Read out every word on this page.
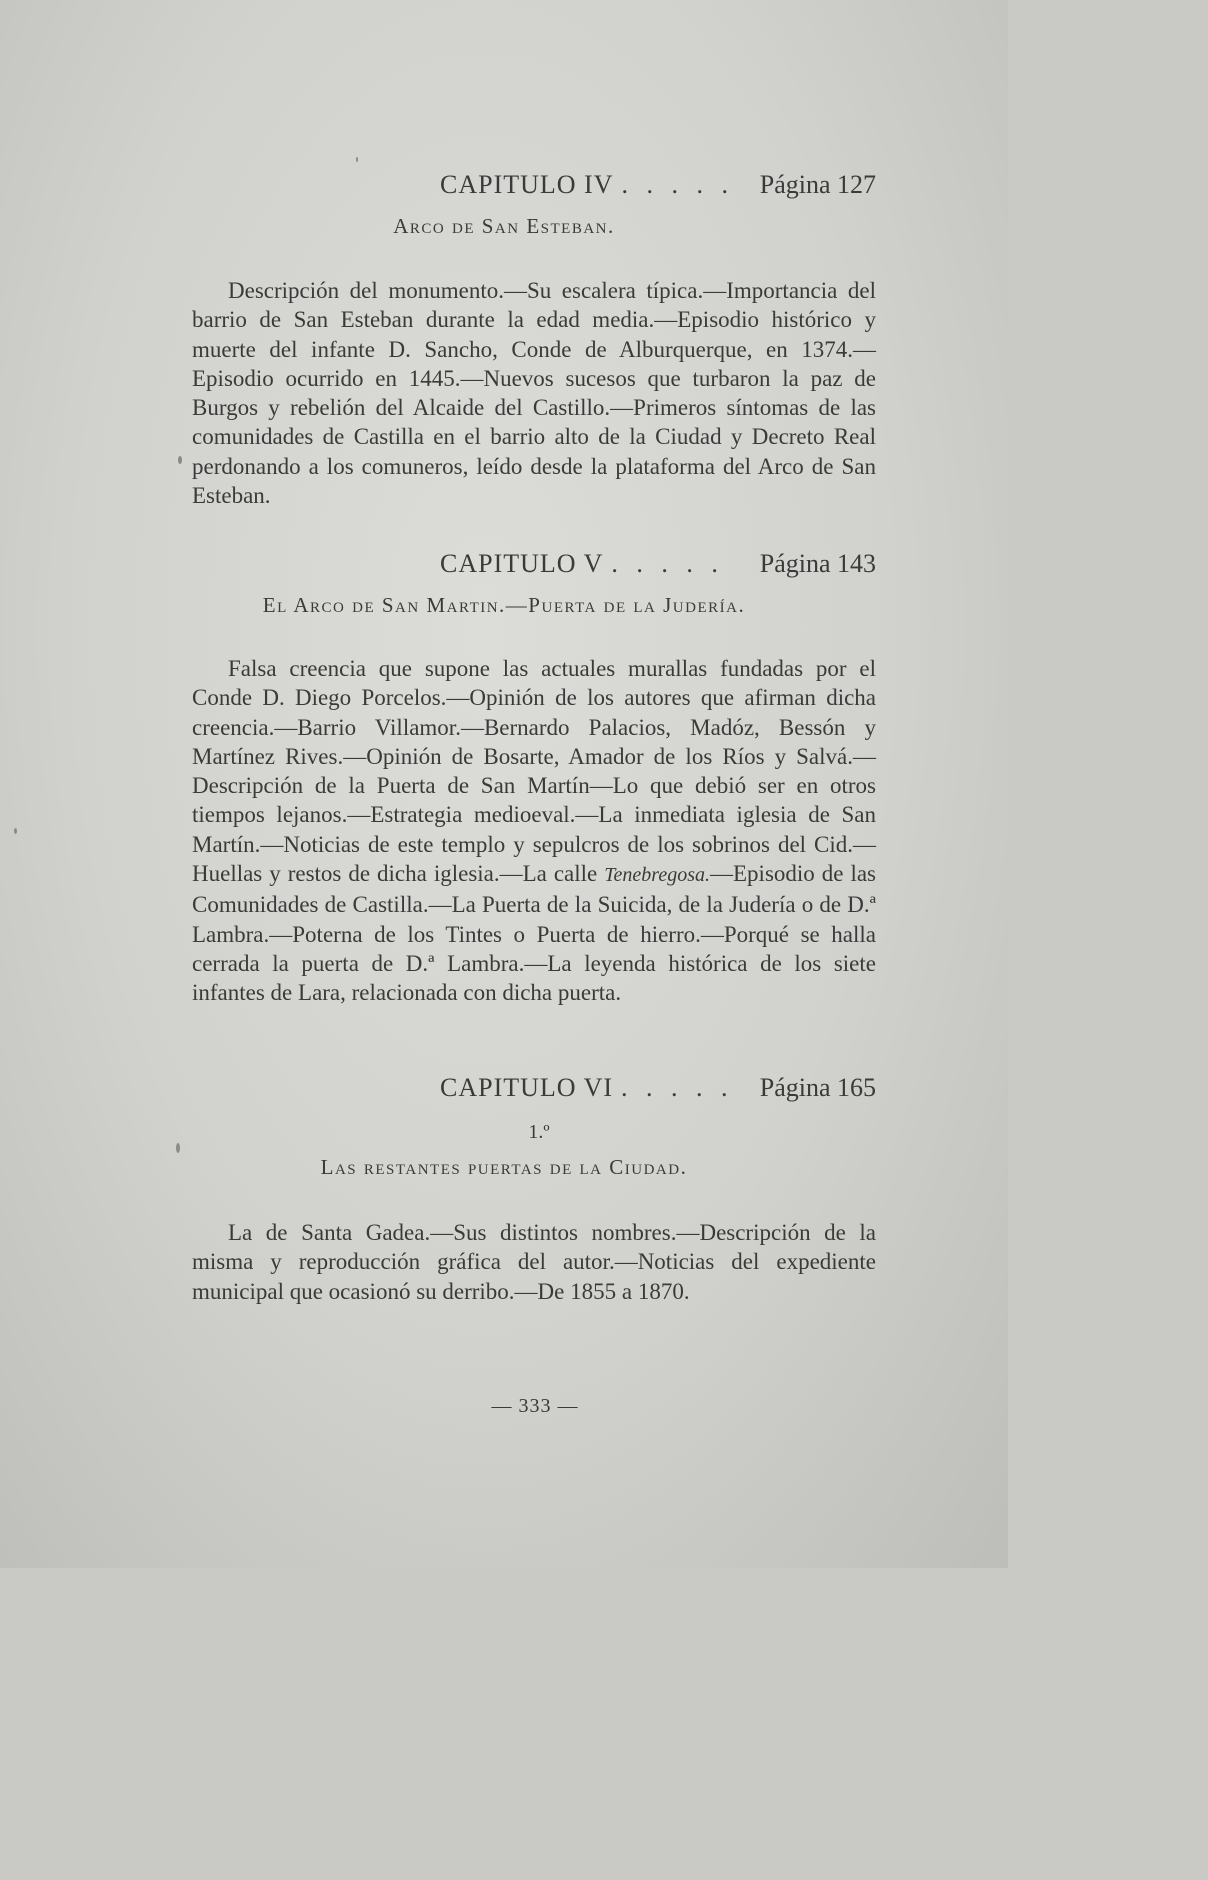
CAPITULO IV . . . . . Página 127
Arco de San Esteban.

Descripción del monumento.—Su escalera típica.—Importancia del barrio de San Esteban durante la edad media.—Episodio histórico y muerte del infante D. Sancho, Conde de Alburquerque, en 1374.—Episodio ocurrido en 1445.—Nuevos sucesos que turbaron la paz de Burgos y rebelión del Alcaide del Castillo.—Primeros síntomas de las comunidades de Castilla en el barrio alto de la Ciudad y Decreto Real perdonando a los comuneros, leído desde la plataforma del Arco de San Esteban.

CAPITULO V . . . . . Página 143
El Arco de San Martin.—Puerta de la Judería.

Falsa creencia que supone las actuales murallas fundadas por el Conde D. Diego Porcelos.—Opinión de los autores que afirman dicha creencia.—Barrio Villamor.—Bernardo Palacios, Madóz, Bessón y Martínez Rives.—Opinión de Bosarte, Amador de los Ríos y Salvá.—Descripción de la Puerta de San Martín—Lo que debió ser en otros tiempos lejanos.—Estrategia medioeval.—La inmediata iglesia de San Martín.—Noticias de este templo y sepulcros de los sobrinos del Cid.—Huellas y restos de dicha iglesia.—La calle Tenebregosa.—Episodio de las Comunidades de Castilla.—La Puerta de la Suicida, de la Judería o de D.ª Lambra.—Poterna de los Tintes o Puerta de hierro.—Porqué se halla cerrada la puerta de D.ª Lambra.—La leyenda histórica de los siete infantes de Lara, relacionada con dicha puerta.

CAPITULO VI . . . . . Página 165
1.º
Las restantes puertas de la Ciudad.

La de Santa Gadea.—Sus distintos nombres.—Descripción de la misma y reproducción gráfica del autor.—Noticias del expediente municipal que ocasionó su derribo.—De 1855 a 1870.

— 333 —
